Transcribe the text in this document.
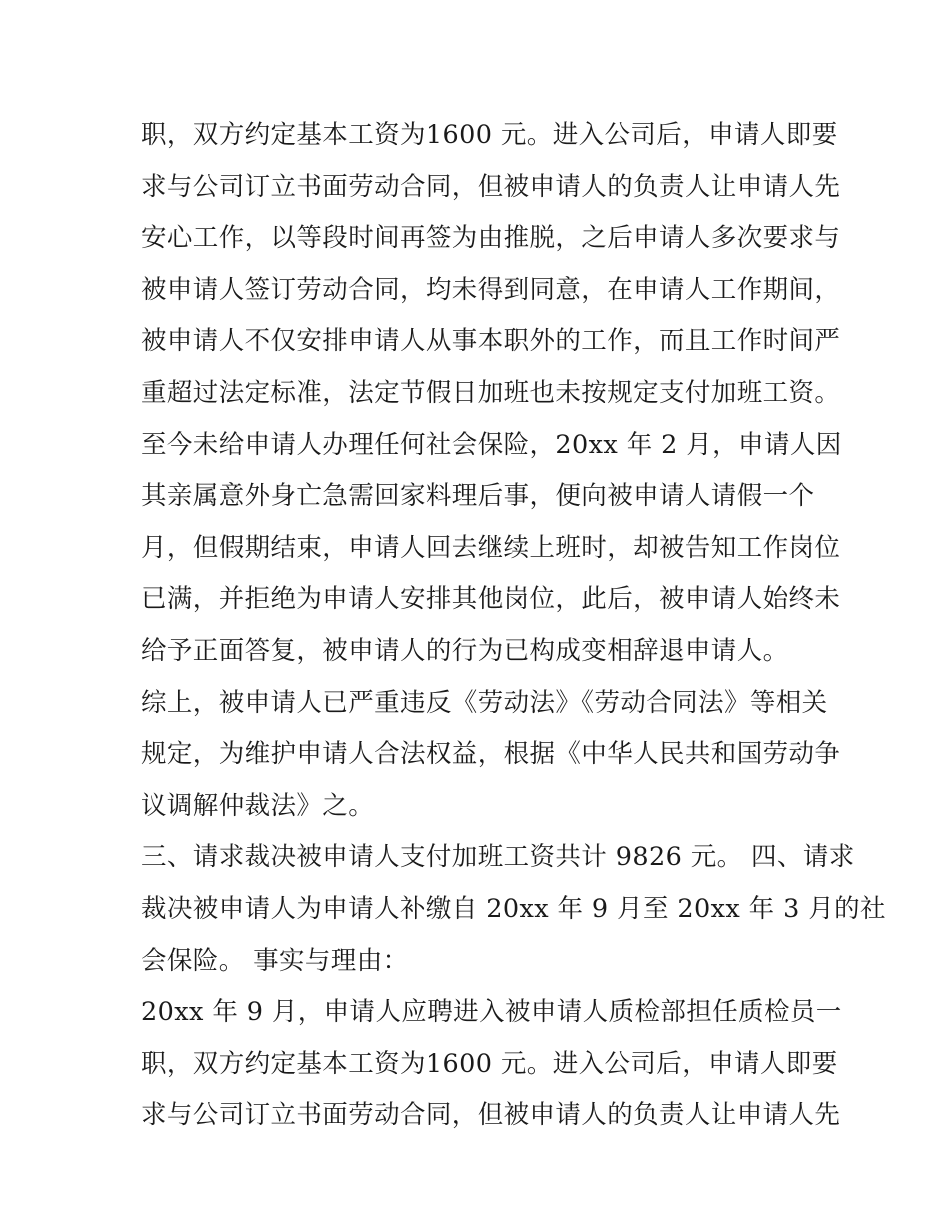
职，双方约定基本工资为1600 元。进入公司后，申请人即要
求与公司订立书面劳动合同，但被申请人的负责人让申请人先
安心工作，以等段时间再签为由推脱，之后申请人多次要求与
被申请人签订劳动合同，均未得到同意，在申请人工作期间，
被申请人不仅安排申请人从事本职外的工作，而且工作时间严
重超过法定标准，法定节假日加班也未按规定支付加班工资。
至今未给申请人办理任何社会保险，20xx 年 2 月，申请人因
其亲属意外身亡急需回家料理后事，便向被申请人请假一个
月，但假期结束，申请人回去继续上班时，却被告知工作岗位
已满，并拒绝为申请人安排其他岗位，此后，被申请人始终未
给予正面答复，被申请人的行为已构成变相辞退申请人。
综上，被申请人已严重违反《劳动法》《劳动合同法》等相关
规定，为维护申请人合法权益，根据《中华人民共和国劳动争
议调解仲裁法》之。
三、请求裁决被申请人支付加班工资共计 9826 元。 四、请求
裁决被申请人为申请人补缴自 20xx 年 9 月至 20xx 年 3 月的社
会保险。 事实与理由：
20xx 年 9 月，申请人应聘进入被申请人质检部担任质检员一
职，双方约定基本工资为1600 元。进入公司后，申请人即要
求与公司订立书面劳动合同，但被申请人的负责人让申请人先
